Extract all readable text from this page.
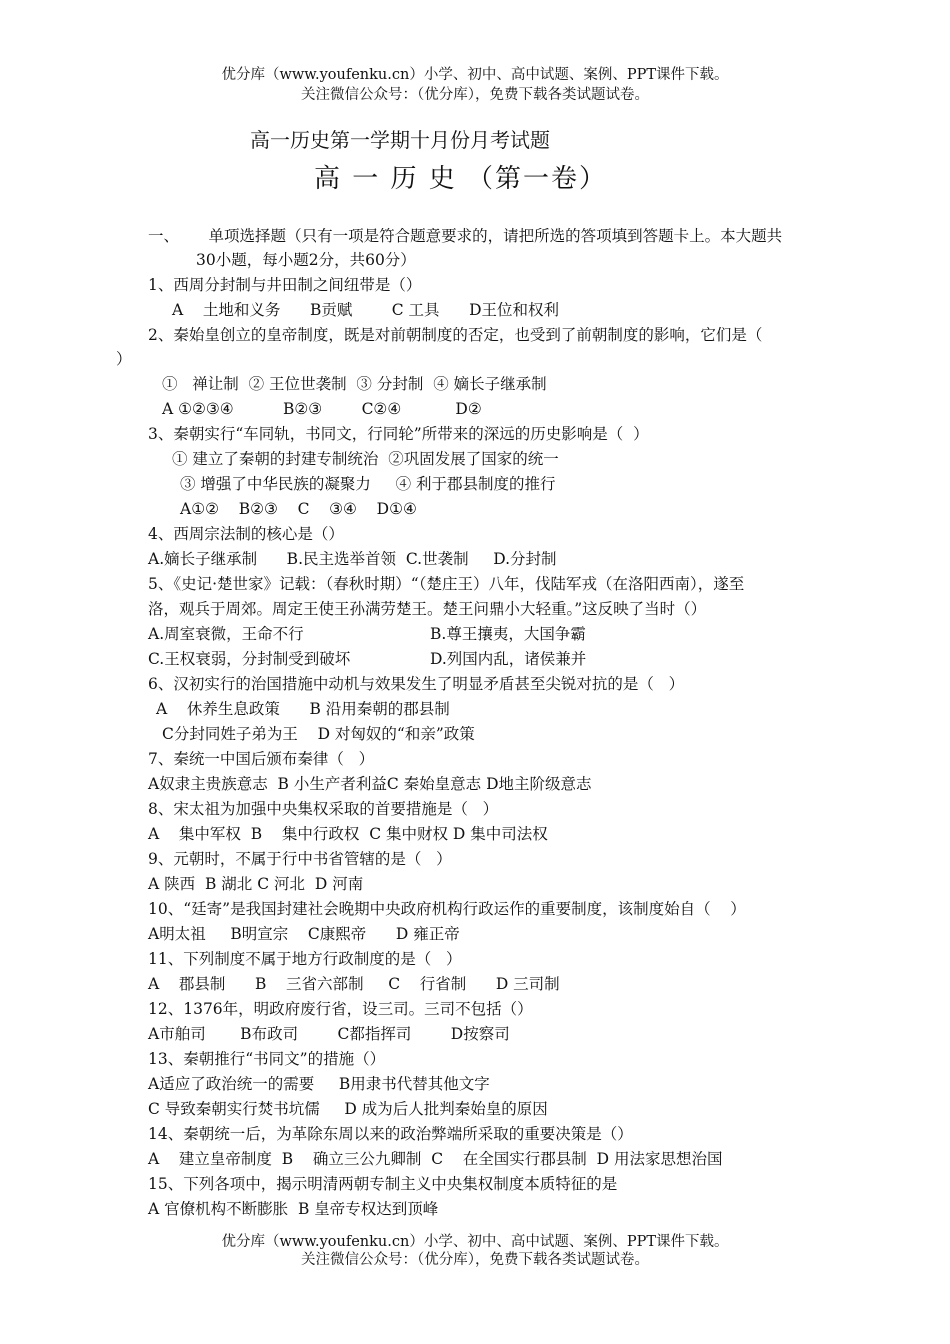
优分库（www.youfenku.cn）小学、初中、高中试题、案例、PPT课件下载。
关注微信公众号：（优分库），免费下载各类试题试卷。
高一历史第一学期十月份月考试题
高 一 历 史 （第一卷）
一、      单项选择题（只有一项是符合题意要求的，请把所选的答项填到答题卡上。本大题共
30小题，每小题2分，共60分）
1、西周分封制与井田制之间纽带是（）
A    土地和义务      B贡赋        C 工具      D王位和权利
2、秦始皇创立的皇帝制度，既是对前朝制度的否定，也受到了前朝制度的影响，它们是（
）
①   禅让制  ② 王位世袭制  ③ 分封制  ④ 嫡长子继承制
A ①②③④          B②③        C②④           D②
3、秦朝实行“车同轨，书同文，行同轮”所带来的深远的历史影响是（  ）
① 建立了秦朝的封建专制统治  ②巩固发展了国家的统一
③ 增强了中华民族的凝聚力     ④ 利于郡县制度的推行
A①②    B②③    C    ③④    D①④
4、西周宗法制的核心是（）
A.嫡长子继承制      B.民主选举首领  C.世袭制     D.分封制
5、《史记·楚世家》记载：（春秋时期）“（楚庄王）八年，伐陆军戎（在洛阳西南），遂至
洛，观兵于周郊。周定王使王孙满劳楚王。楚王问鼎小大轻重。”这反映了当时（）
A.周室衰微，王命不行	B.尊王攘夷，大国争霸
C.王权衰弱，分封制受到破坏	D.列国内乱，诸侯兼并
6、汉初实行的治国措施中动机与效果发生了明显矛盾甚至尖锐对抗的是（   ）
A    休养生息政策      B 沿用秦朝的郡县制
C分封同姓子弟为王    D 对匈奴的“和亲”政策
7、秦统一中国后颁布秦律（   ）
A奴隶主贵族意志  B 小生产者利益C 秦始皇意志 D地主阶级意志
8、宋太祖为加强中央集权采取的首要措施是（   ）
A    集中军权  B    集中行政权  C 集中财权 D 集中司法权
9、元朝时，不属于行中书省管辖的是（   ）
A 陕西  B 湖北 C 河北  D 河南
10、“廷寄”是我国封建社会晚期中央政府机构行政运作的重要制度，该制度始自（    ）
A明太祖     B明宣宗    C康熙帝      D 雍正帝
11、下列制度不属于地方行政制度的是（   ）
A    郡县制      B    三省六部制     C    行省制      D 三司制
12、1376年，明政府废行省，设三司。三司不包括（）
A市舶司       B布政司        C都指挥司        D按察司
13、秦朝推行“书同文”的措施（）
A适应了政治统一的需要     B用隶书代替其他文字
C 导致秦朝实行焚书坑儒     D 成为后人批判秦始皇的原因
14、秦朝统一后，为革除东周以来的政治弊端所采取的重要决策是（）
A    建立皇帝制度  B    确立三公九卿制  C    在全国实行郡县制  D 用法家思想治国
15、下列各项中，揭示明清两朝专制主义中央集权制度本质特征的是
A 官僚机构不断膨胀  B 皇帝专权达到顶峰
优分库（www.youfenku.cn）小学、初中、高中试题、案例、PPT课件下载。
关注微信公众号：（优分库），免费下载各类试题试卷。
